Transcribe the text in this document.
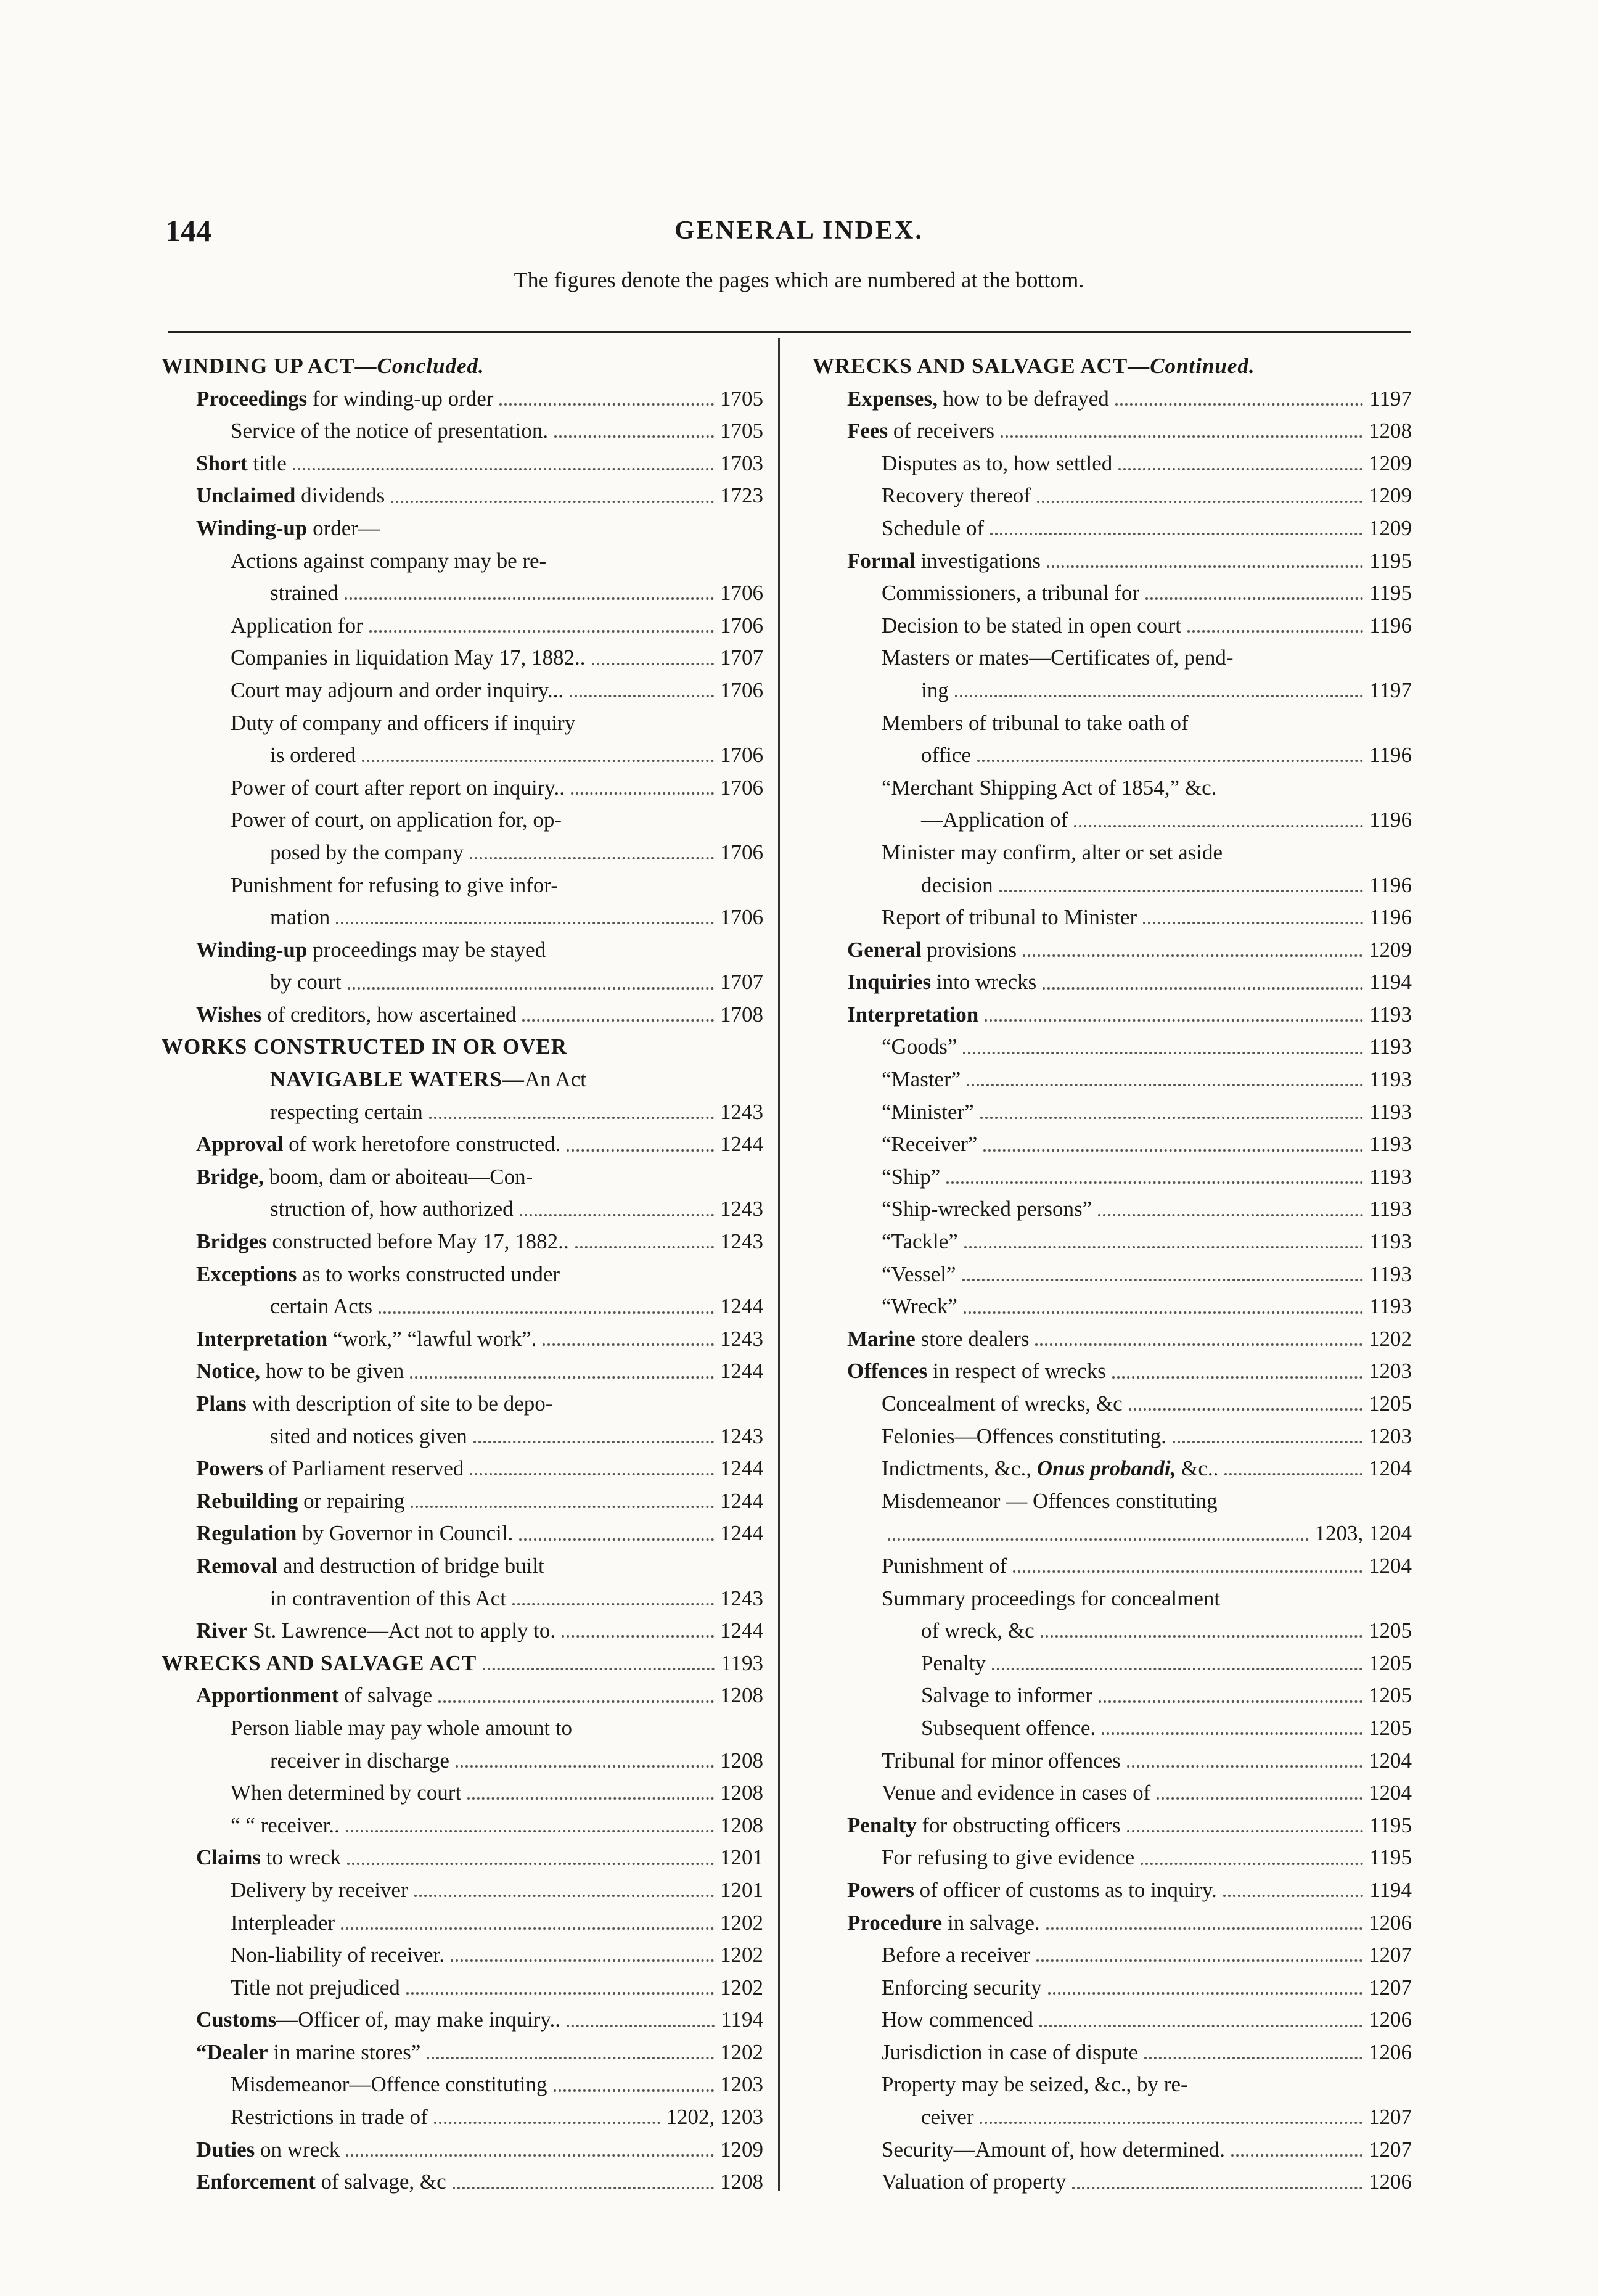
144	GENERAL INDEX.
The figures denote the pages which are numbered at the bottom.
WINDING UP ACT—Concluded.
Proceedings for winding-up order	1705
Service of the notice of presentation.	1705
Short title	1703
Unclaimed dividends	1723
Winding-up order—
Actions against company may be re-
strained	1706
Application for	1706
Companies in liquidation May 17, 1882..	1707
Court may adjourn and order inquiry...	1706
Duty of company and officers if inquiry
is ordered	1706
Power of court after report on inquiry..	1706
Power of court, on application for, op-
posed by the company	1706
Punishment for refusing to give infor-
mation	1706
Winding-up proceedings may be stayed
by court	1707
Wishes of creditors, how ascertained	1708
WORKS CONSTRUCTED IN OR OVER
NAVIGABLE WATERS—An Act
respecting certain	1243
Approval of work heretofore constructed.	1244
Bridge, boom, dam or aboiteau—Con-
struction of, how authorized	1243
Bridges constructed before May 17, 1882..	1243
Exceptions as to works constructed under
certain Acts	1244
Interpretation “work,” “lawful work”.	1243
Notice, how to be given	1244
Plans with description of site to be depo-
sited and notices given	1243
Powers of Parliament reserved	1244
Rebuilding or repairing	1244
Regulation by Governor in Council.	1244
Removal and destruction of bridge built
in contravention of this Act	1243
River St. Lawrence—Act not to apply to.	1244
WRECKS AND SALVAGE ACT	1193
Apportionment of salvage	1208
Person liable may pay whole amount to
receiver in discharge	1208
When determined by court	1208
“ “ receiver..	1208
Claims to wreck	1201
Delivery by receiver	1201
Interpleader	1202
Non-liability of receiver.	1202
Title not prejudiced	1202
Customs—Officer of, may make inquiry..	1194
“Dealer in marine stores”	1202
Misdemeanor—Offence constituting	1203
Restrictions in trade of	1202, 1203
Duties on wreck	1209
Enforcement of salvage, &c	1208
WRECKS AND SALVAGE ACT—Continued.
Expenses, how to be defrayed	1197
Fees of receivers	1208
Disputes as to, how settled	1209
Recovery thereof	1209
Schedule of	1209
Formal investigations	1195
Commissioners, a tribunal for	1195
Decision to be stated in open court	1196
Masters or mates—Certificates of, pend-
ing	1197
Members of tribunal to take oath of
office	1196
“Merchant Shipping Act of 1854,” &c.
—Application of	1196
Minister may confirm, alter or set aside
decision	1196
Report of tribunal to Minister	1196
General provisions	1209
Inquiries into wrecks	1194
Interpretation	1193
“Goods”	1193
“Master”	1193
“Minister”	1193
“Receiver”	1193
“Ship”	1193
“Ship-wrecked persons”	1193
“Tackle”	1193
“Vessel”	1193
“Wreck”	1193
Marine store dealers	1202
Offences in respect of wrecks	1203
Concealment of wrecks, &c	1205
Felonies—Offences constituting.	1203
Indictments, &c., Onus probandi, &c..	1204
Misdemeanor — Offences constituting
1203, 1204
Punishment of	1204
Summary proceedings for concealment
of wreck, &c	1205
Penalty	1205
Salvage to informer	1205
Subsequent offence.	1205
Tribunal for minor offences	1204
Venue and evidence in cases of	1204
Penalty for obstructing officers	1195
For refusing to give evidence	1195
Powers of officer of customs as to inquiry.	1194
Procedure in salvage.	1206
Before a receiver	1207
Enforcing security	1207
How commenced	1206
Jurisdiction in case of dispute	1206
Property may be seized, &c., by re-
ceiver	1207
Security—Amount of, how determined.	1207
Valuation of property	1206
